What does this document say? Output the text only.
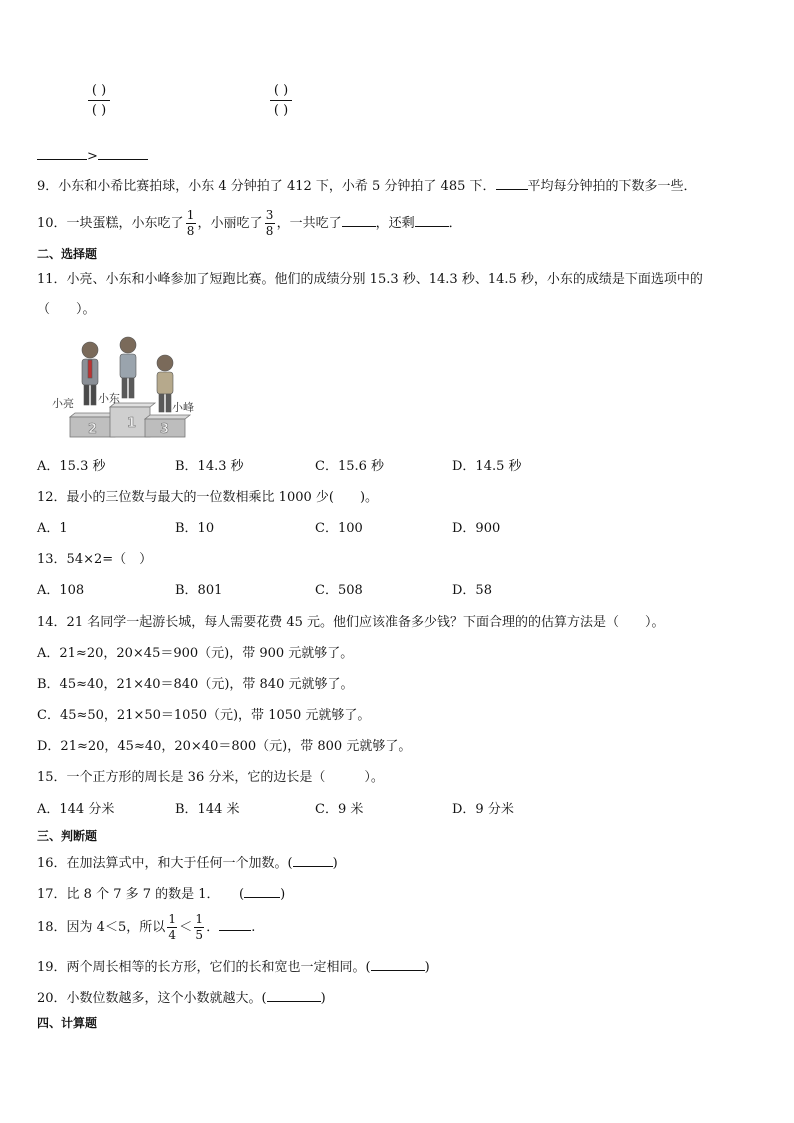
( )
( )
( )
( )
>
9．小东和小希比赛拍球，小东 4 分钟拍了 412 下，小希 5 分钟拍了 485 下． 平均每分钟拍的下数多一些．
10．一块蛋糕，小东吃了 $\frac{1}{8}$ ，小丽吃了 $\frac{3}{8}$ ，一共吃了	，还剩	．
二、选择题
11．小亮、小东和小峰参加了短跑比赛。他们的成绩分别 15.3 秒、14.3 秒、14.5 秒，小东的成绩是下面选项中的
（　　）。
2 1 3
小亮 小东
小峰
A．15.3 秒	B．14.3 秒	C．15.6 秒	D．14.5 秒
12．最小的三位数与最大的一位数相乘比 1000 少(　　)。
A．1	B．10	C．100	D．900
13．54×2=（　）
A．108	B．801	C．508	D．58
14．21 名同学一起游长城，每人需要花费 45 元。他们应该准备多少钱？下面合理的的估算方法是（　　）。
A．21≈20，20×45＝900（元)，带 900 元就够了。
B．45≈40，21×40＝840（元)，带 840 元就够了。
C．45≈50，21×50＝1050（元)，带 1050 元就够了。
D．21≈20，45≈40，20×40＝800（元)，带 800 元就够了。
15．一个正方形的周长是 36 分米，它的边长是（　　　）。
A．144 分米	B．144 米	C．9 米	D．9 分米
三、判断题
16．在加法算式中，和大于任何一个加数。(	)
17．比 8 个 7 多 7 的数是 1．　　(	)
18．因为 4＜5，所以 $\frac{1}{4} < \frac{1}{5}$ ． .
19．两个周长相等的长方形，它们的长和宽也一定相同。(	)
20．小数位数越多，这个小数就越大。(	)
四、计算题
